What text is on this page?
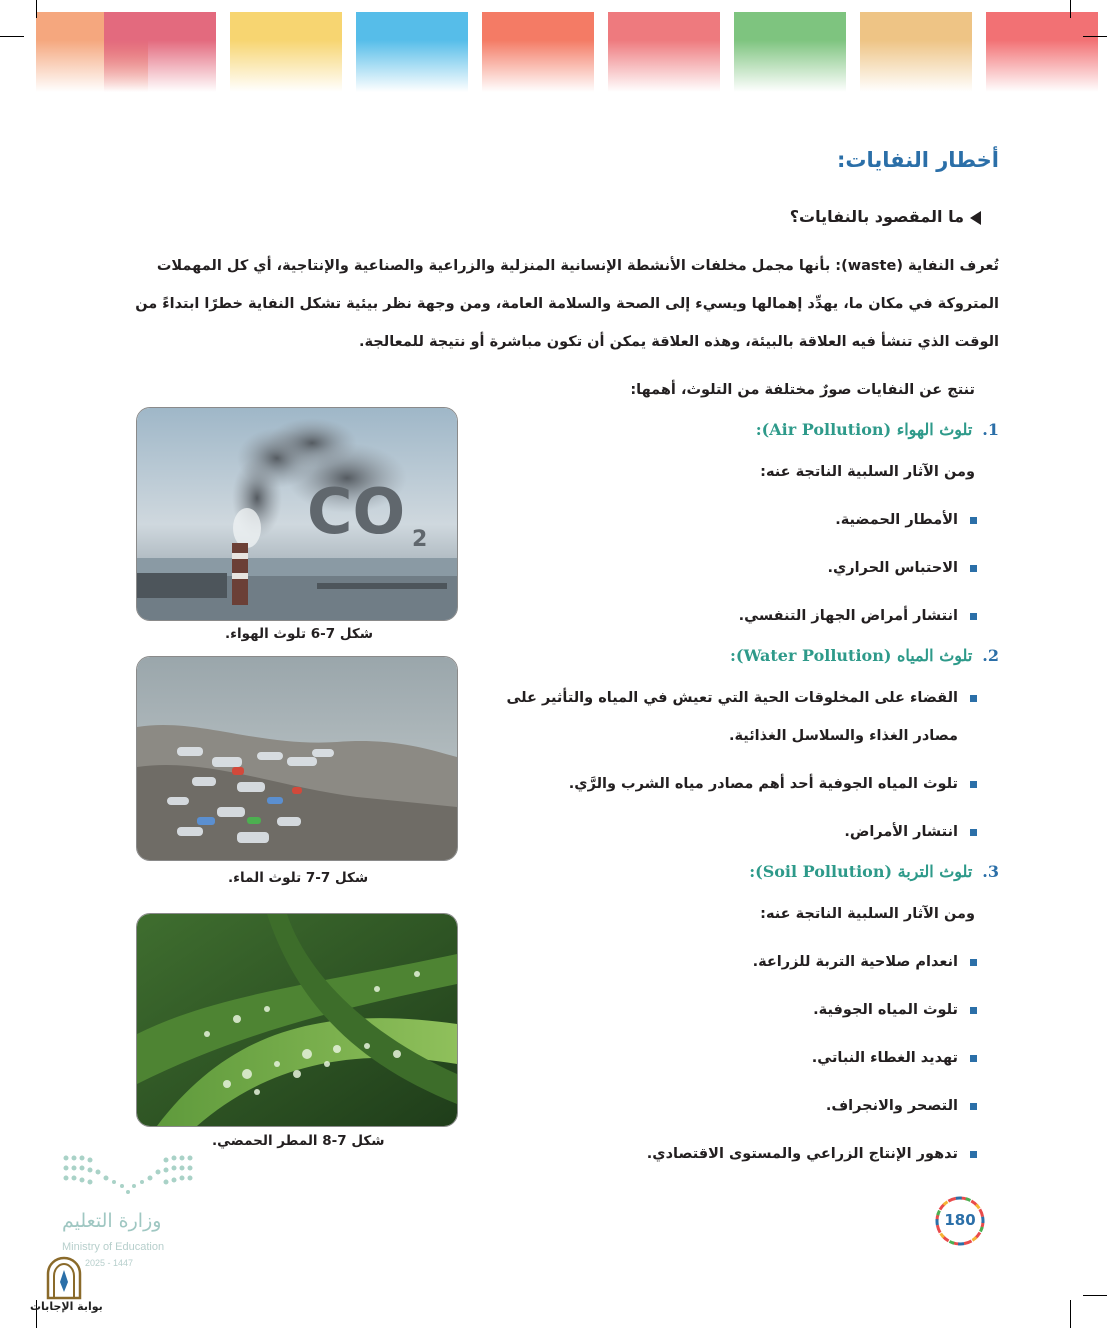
أخطار النفايات:
ما المقصود بالنفايات؟
تُعرف النفاية (waste): بأنها مجمل مخلفات الأنشطة الإنسانية المنزلية والزراعية والصناعية والإنتاجية، أي كل المهملات
المتروكة في مكان ما، يهدِّد إهمالها ويسيء إلى الصحة والسلامة العامة، ومن وجهة نظر بيئية تشكل النفاية خطرًا ابتداءً من
الوقت الذي تنشأ فيه العلاقة بالبيئة، وهذه العلاقة يمكن أن تكون مباشرة أو نتيجة للمعالجة.
تنتج عن النفايات صورٌ مختلفة من التلوث، أهمها:
1.تلوث الهواء (Air Pollution):
ومن الآثار السلبية الناتجة عنه:
الأمطار الحمضية.
الاحتباس الحراري.
انتشار أمراض الجهاز التنفسي.
2.تلوث المياه (Water Pollution):
القضاء على المخلوقات الحية التي تعيش في المياه والتأثير على
مصادر الغذاء والسلاسل الغذائية.
تلوث المياه الجوفية أحد أهم مصادر مياه الشرب والرَّي.
انتشار الأمراض.
3.تلوث التربة (Soil Pollution):
ومن الآثار السلبية الناتجة عنه:
انعدام صلاحية التربة للزراعة.
تلوث المياه الجوفية.
تهديد الغطاء النباتي.
التصحر والانجراف.
تدهور الإنتاج الزراعي والمستوى الاقتصادي.
CO 2
شكل 7-6 تلوث الهواء.
شكل 7-7 تلوث الماء.
شكل 7-8 المطر الحمضي.
180
وزارة التعليم
Ministry of Education
2025 - 1447
بوابة الإجابات
